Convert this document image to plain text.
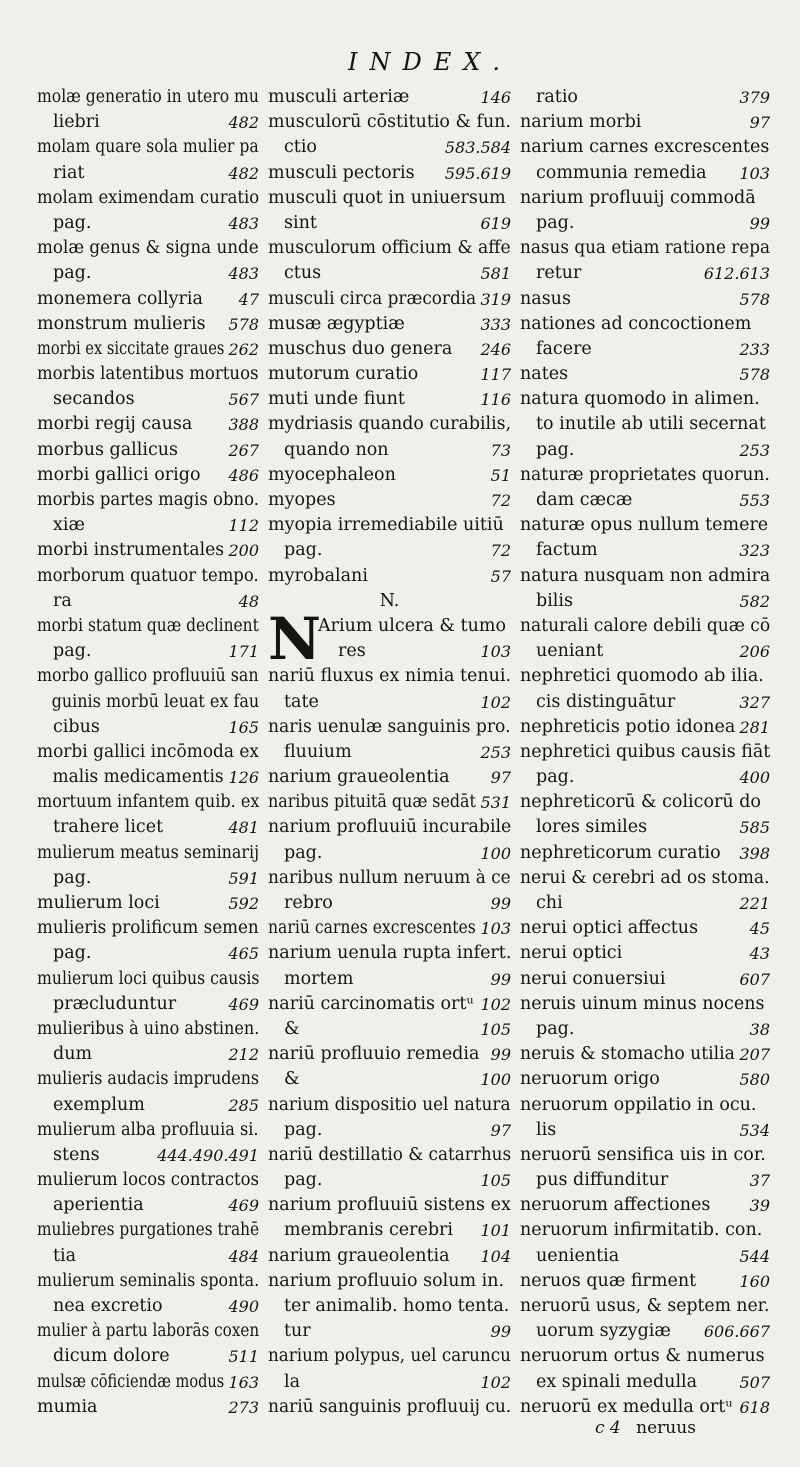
INDEX.
molæ generatio in utero mu
liebri	482
molam quare sola mulier pa
riat	482
molam eximendam curatio
pag.	483
molæ genus & signa unde
pag.	483
monemera collyria 47
monstrum mulieris 578
morbi ex siccitate graues 262
morbis latentibus mortuos
secandos	567
morbi regij causa 388
morbus gallicus	267
morbi gallici origo 486
morbis partes magis obno.
xiæ	112
morbi instrumentales 200
morborum quatuor tempo.
ra	48
morbi statum quæ declinent
pag.	171
morbo gallico profluuiū san
guinis morbū leuat ex fau
cibus	165
morbi gallici incōmoda ex
malis medicamentis 126
mortuum infantem quib. ex
trahere licet	481
mulierum meatus seminarij
pag.	591
mulierum loci	592
mulieris prolificum semen
pag.	465
mulierum loci quibus causis
præcluduntur	469
mulieribus à uino abstinen.
dum	212
mulieris audacis imprudens
exemplum	285
mulierum alba profluuia si.
stens	444.490.491
mulierum locos contractos
aperientia	469
muliebres purgationes trahē
tia	484
mulierum seminalis sponta.
nea excretio	490
mulier à partu laborās coxen
dicum dolore	511
mulsæ cōficiendæ modus 163
mumia	273
musculi arteriæ	146
musculorū cōstitutio & fun.
ctio	583.584
musculi pectoris 595.619
musculi quot in uniuersum
sint	619
musculorum officium & affe
ctus	581
musculi circa præcordia 319
musæ ægyptiæ	333
muschus duo genera 246
mutorum curatio	117
muti unde fiunt	116
mydriasis quando curabilis,
quando non	73
myocephaleon	51
myopes	72
myopia irremediabile uitiū
pag.	72
myrobalani	57
N.
N
Arium ulcera & tumo
res	103
nariū fluxus ex nimia tenui.
tate	102
naris uenulæ sanguinis pro.
fluuium	253
narium graueolentia	97
naribus pituitā quæ sedāt 531
narium profluuiū incurabile
pag.	100
naribus nullum neruum à ce
rebro	99
nariū carnes excrescentes 103
narium uenula rupta infert.
mortem	99
nariū carcinomatis ortᵘ 102
&	105
nariū profluuio remedia 99
&	100
narium dispositio uel natura
pag.	97
nariū destillatio & catarrhus
pag.	105
narium profluuiū sistens ex
membranis cerebri 101
narium graueolentia 104
narium profluuio solum in.
ter animalib. homo tenta.
tur	99
narium polypus, uel caruncu
la	102
nariū sanguinis profluuij cu.
ratio	379
narium morbi	97
narium carnes excrescentes
communia remedia 103
narium profluuij commodā
pag.	99
nasus qua etiam ratione repa
retur	612.613
nasus	578
nationes ad concoctionem
facere	233
nates	578
natura quomodo in alimen.
to inutile ab utili secernat
pag.	253
naturæ proprietates quorun.
dam cæcæ	553
naturæ opus nullum temere
factum	323
natura nusquam non admira
bilis	582
naturali calore debili quæ cō
ueniant	206
nephretici quomodo ab ilia.
cis distinguātur	327
nephreticis potio idonea 281
nephretici quibus causis fiāt
pag.	400
nephreticorū & colicorū do
lores similes	585
nephreticorum curatio 398
nerui & cerebri ad os stoma.
chi	221
nerui optici affectus	45
nerui optici	43
nerui conuersiui	607
neruis uinum minus nocens
pag.	38
neruis & stomacho utilia 207
neruorum origo	580
neruorum oppilatio in ocu.
lis	534
neruorū sensifica uis in cor.
pus diffunditur	37
neruorum affectiones 39
neruorum infirmitatib. con.
uenientia	544
neruos quæ firment	160
neruorū usus, & septem ner.
uorum syzygiæ 606.667
neruorum ortus & numerus
ex spinali medulla	507
neruorū ex medulla ortᵘ 618
c 4 neruus
